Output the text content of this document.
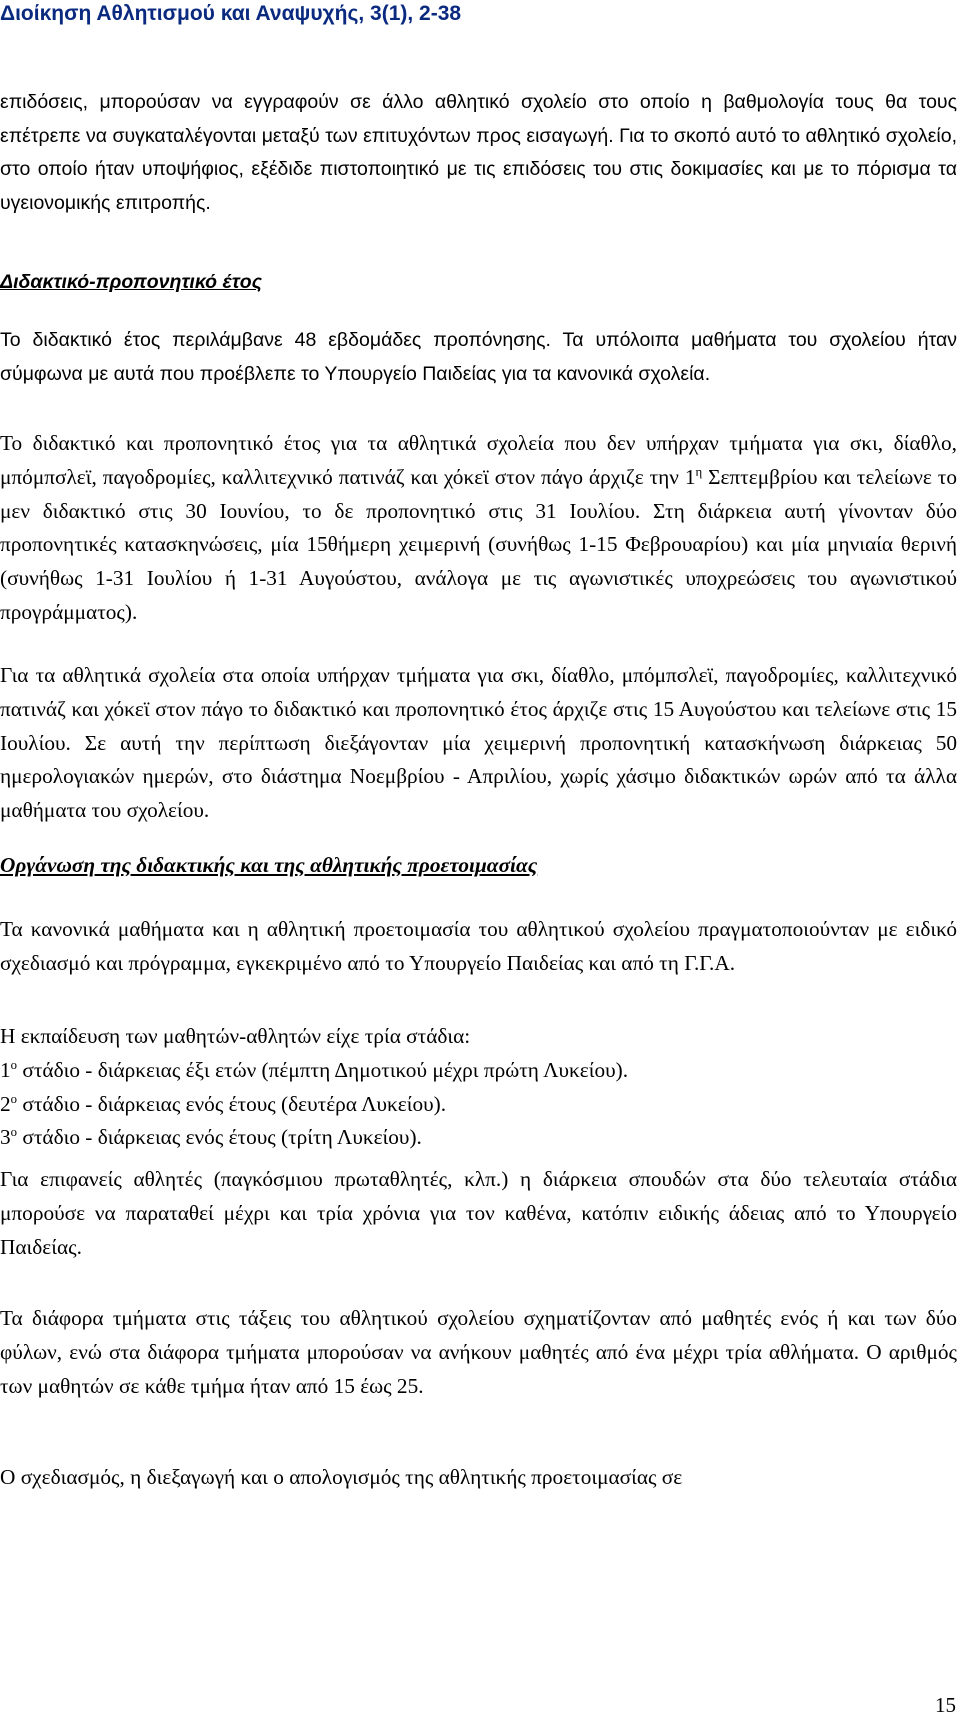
Διοίκηση Αθλητισμού και Αναψυχής, 3(1), 2-38

επιδόσεις, μπορούσαν να εγγραφούν σε άλλο αθλητικό σχολείο στο οποίο η βαθμολογία τους θα τους επέτρεπε να συγκαταλέγονται μεταξύ των επιτυχόντων προς εισαγωγή. Για το σκοπό αυτό το αθλητικό σχολείο, στο οποίο ήταν υποψήφιος, εξέδιδε πιστοποιητικό με τις επιδόσεις του στις δοκιμασίες και με το πόρισμα τα υγειονομικής επιτροπής.

Διδακτικό-προπονητικό έτος

Το διδακτικό έτος περιλάμβανε 48 εβδομάδες προπόνησης. Τα υπόλοιπα μαθήματα του σχολείου ήταν σύμφωνα με αυτά που προέβλεπε το Υπουργείο Παιδείας για τα κανονικά σχολεία.

Το διδακτικό και προπονητικό έτος για τα αθλητικά σχολεία που δεν υπήρχαν τμήματα για σκι, δίαθλο, μπόμπσλεϊ, παγοδρομίες, καλλιτεχνικό πατινάζ και χόκεϊ στον πάγο άρχιζε την $1^\eta$ Σεπτεμβρίου και τελείωνε το μεν διδακτικό στις 30 Ιουνίου, το δε προπονητικό στις 31 Ιουλίου. Στη διάρκεια αυτή γίνονταν δύο προπονητικές κατασκηνώσεις, μία 15θήμερη χειμερινή (συνήθως 1-15 Φεβρουαρίου) και μία μηνιαία θερινή (συνήθως 1-31 Ιουλίου ή 1-31 Αυγούστου, ανάλογα με τις αγωνιστικές υποχρεώσεις του αγωνιστικού προγράμματος).

Για τα αθλητικά σχολεία στα οποία υπήρχαν τμήματα για σκι, δίαθλο, μπόμπσλεϊ, παγοδρομίες, καλλιτεχνικό πατινάζ και χόκεϊ στον πάγο το διδακτικό και προπονητικό έτος άρχιζε στις 15 Αυγούστου και τελείωνε στις 15 Ιουλίου. Σε αυτή την περίπτωση διεξάγονταν μία χειμερινή προπονητική κατασκήνωση διάρκειας 50 ημερολογιακών ημερών, στο διάστημα Νοεμβρίου - Απριλίου, χωρίς χάσιμο διδακτικών ωρών από τα άλλα μαθήματα του σχολείου.

Οργάνωση της διδακτικής και της αθλητικής προετοιμασίας

Τα κανονικά μαθήματα και η αθλητική προετοιμασία του αθλητικού σχολείου πραγματοποιούνταν με ειδικό σχεδιασμό και πρόγραμμα, εγκεκριμένο από το Υπουργείο Παιδείας και από τη Γ.Γ.Α.

Η εκπαίδευση των μαθητών-αθλητών είχε τρία στάδια:

$1^o$ στάδιο - διάρκειας έξι ετών (πέμπτη Δημοτικού μέχρι πρώτη Λυκείου).

$2^o$ στάδιο - διάρκειας ενός έτους (δευτέρα Λυκείου).

$3^o$ στάδιο - διάρκειας ενός έτους (τρίτη Λυκείου).

Για επιφανείς αθλητές (παγκόσμιου πρωταθλητές, κλπ.) η διάρκεια σπουδών στα δύο τελευταία στάδια μπορούσε να παραταθεί μέχρι και τρία χρόνια για τον καθένα, κατόπιν ειδικής άδειας από το Υπουργείο Παιδείας.

Τα διάφορα τμήματα στις τάξεις του αθλητικού σχολείου σχηματίζονταν από μαθητές ενός ή και των δύο φύλων, ενώ στα διάφορα τμήματα μπορούσαν να ανήκουν μαθητές από ένα μέχρι τρία αθλήματα. Ο αριθμός των μαθητών σε κάθε τμήμα ήταν από 15 έως 25.

Ο σχεδιασμός, η διεξαγωγή και ο απολογισμός της αθλητικής προετοιμασίας σε

15
